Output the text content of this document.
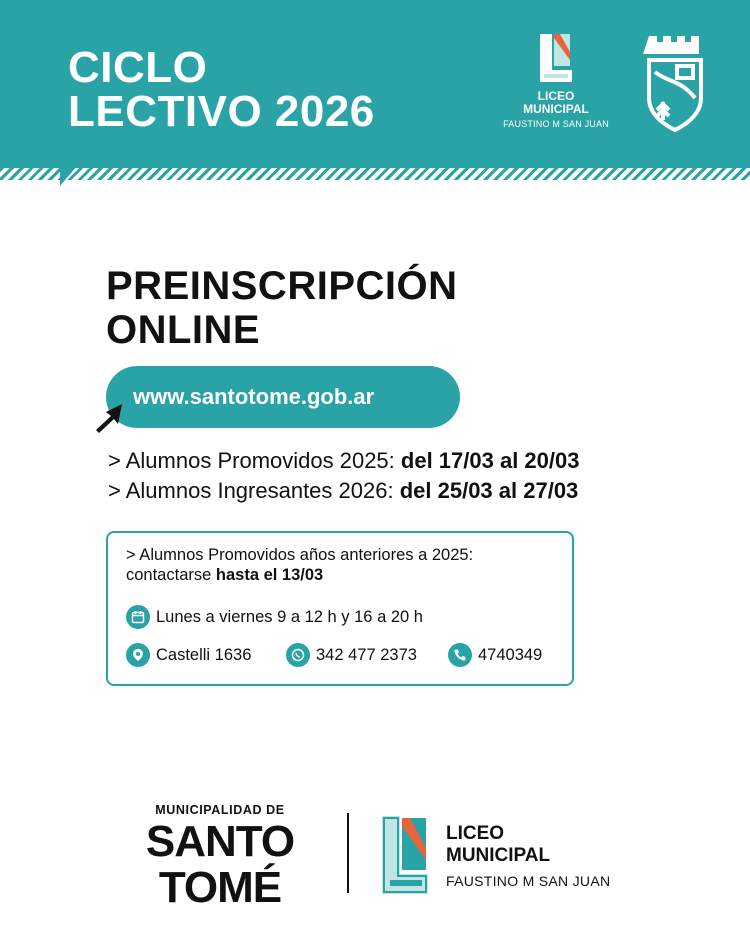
CICLO
LECTIVO 2026	LICEO
MUNICIPAL
FAUSTINO M SAN JUAN
PREINSCRIPCIÓN
ONLINE
www.santotome.gob.ar
> Alumnos Promovidos 2025: del 17/03 al 20/03
> Alumnos Ingresantes 2026: del 25/03 al 27/03
> Alumnos Promovidos años anteriores a 2025:
contactarse hasta el 13/03
Lunes a viernes 9 a 12 h y 16 a 20 h
Castelli 1636	342 477 2373	4740349
MUNICIPALIDAD DE
SANTO
TOMÉ
LICEO
MUNICIPAL
FAUSTINO M SAN JUAN
